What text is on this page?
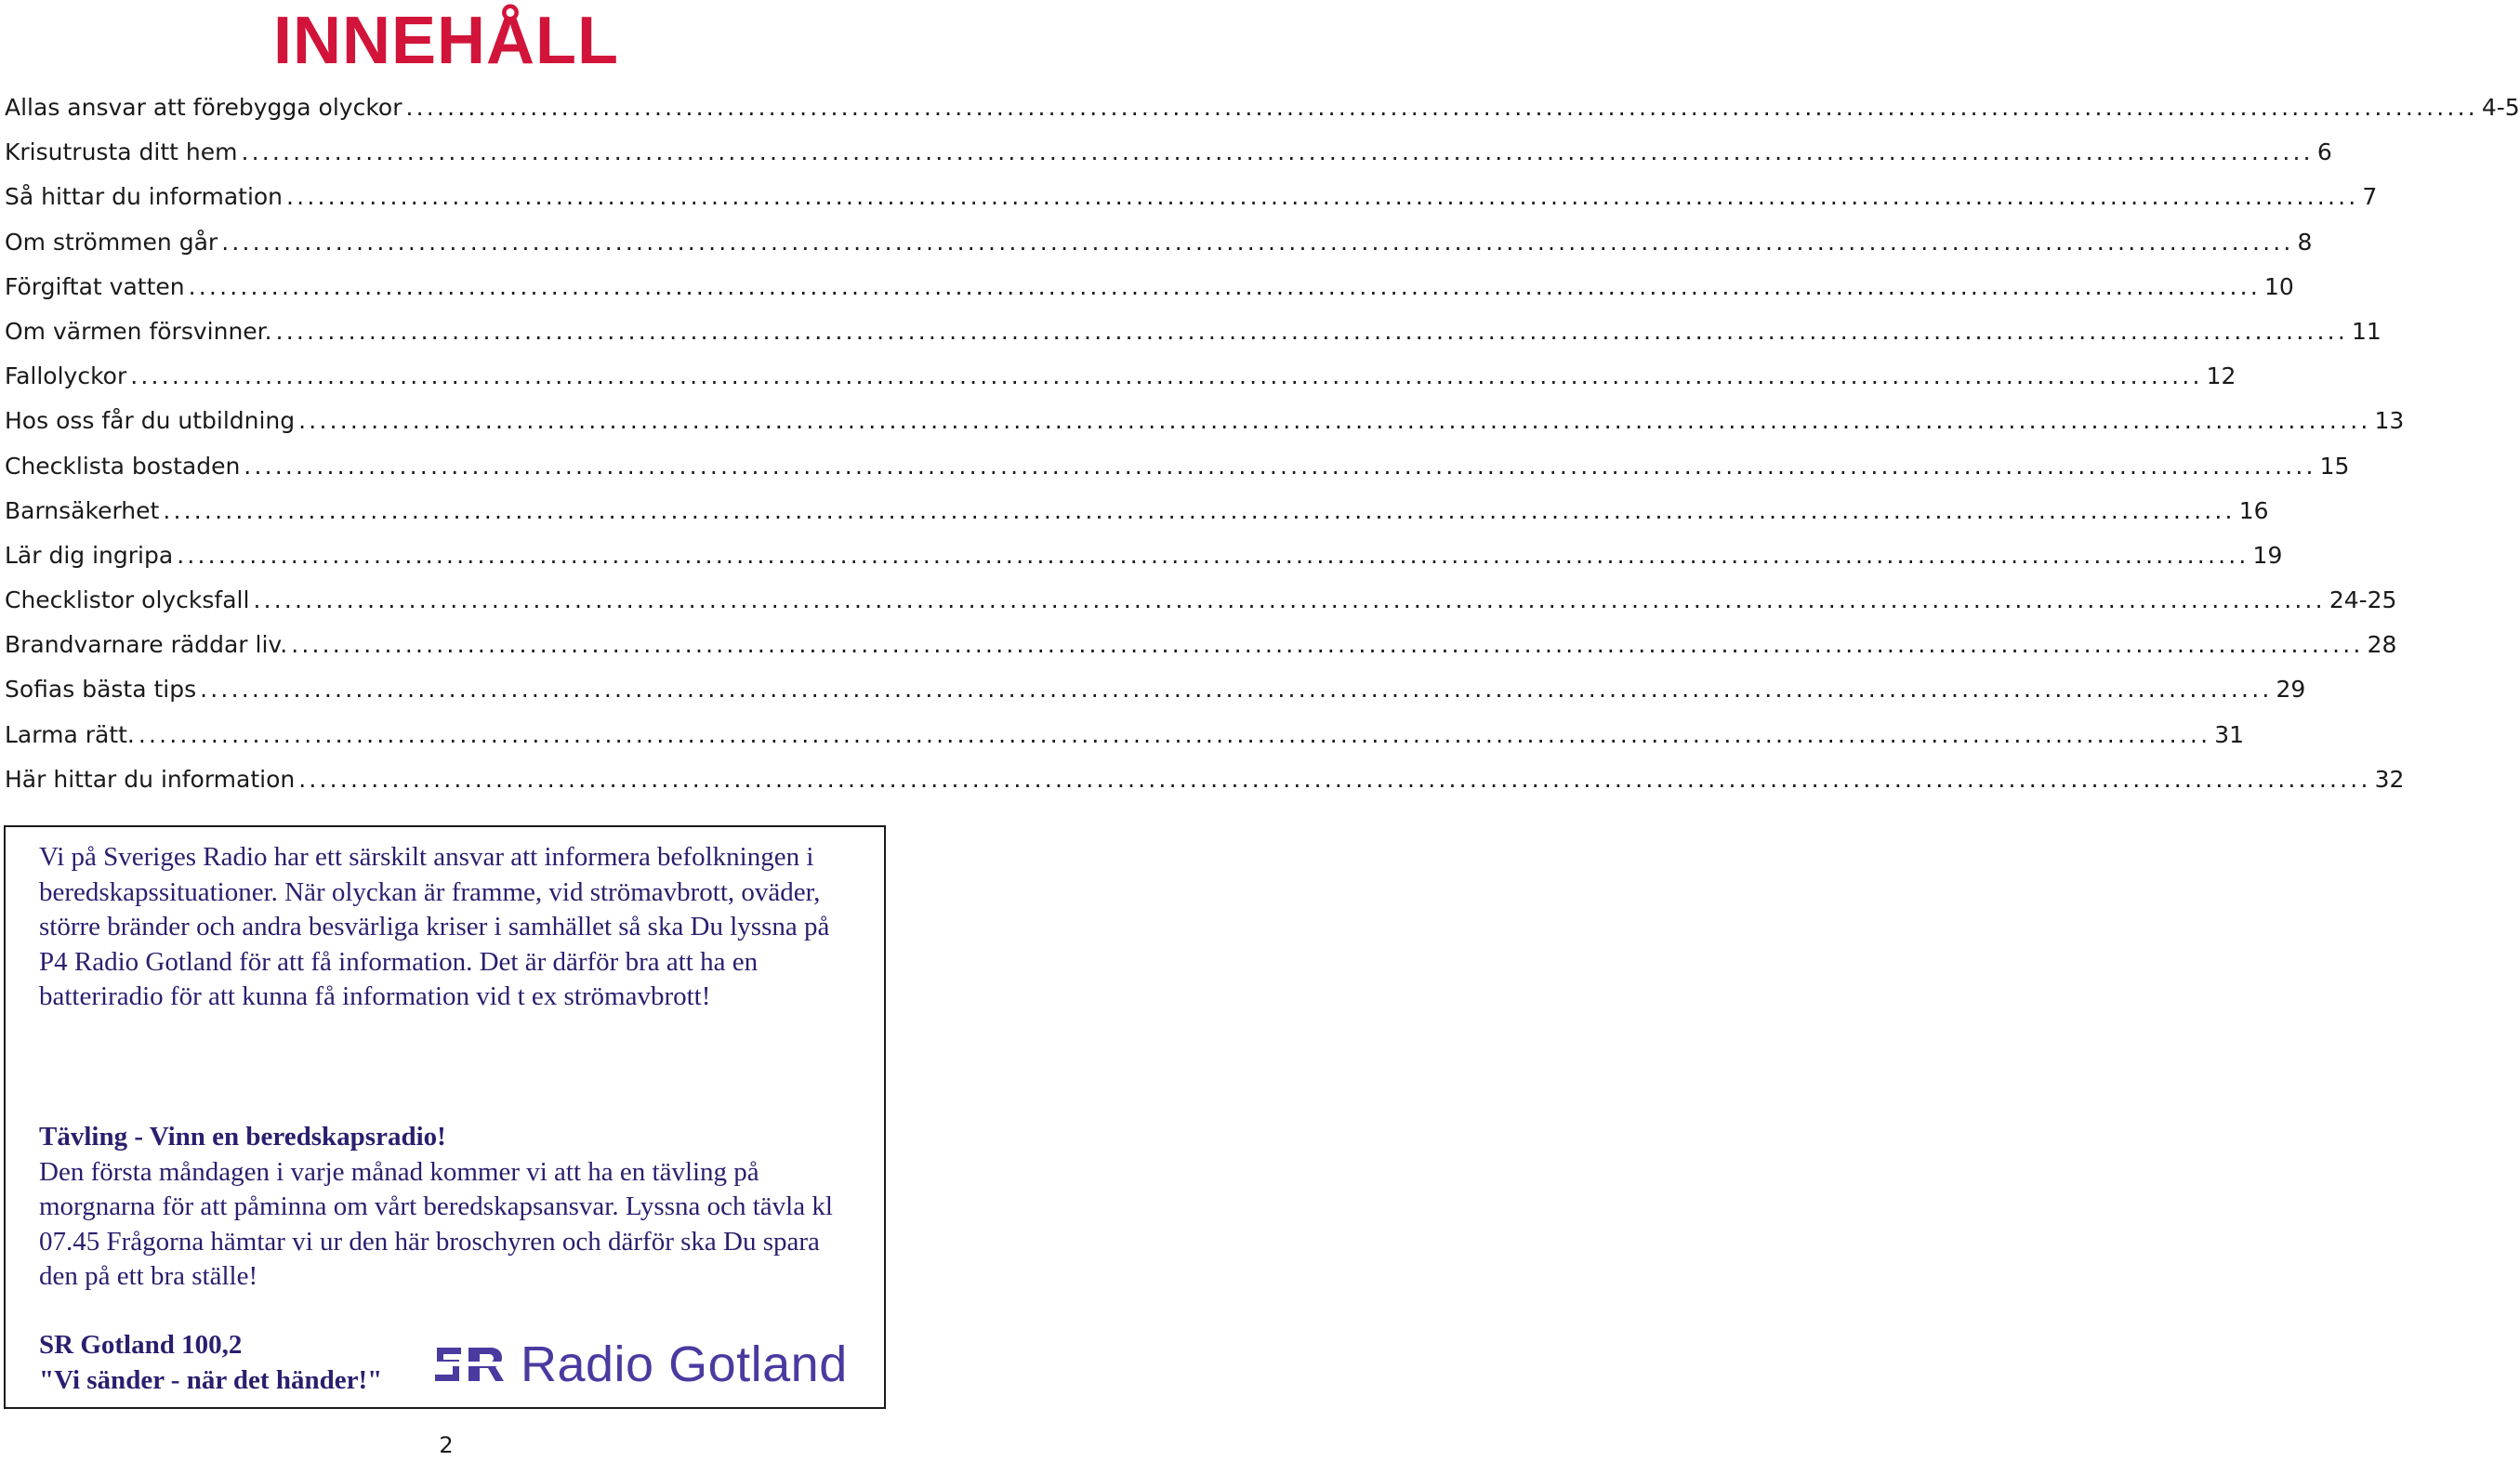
INNEHÅLL
Allas ansvar att förebygga olyckor ........................................................................................................................................................................................................ 4-5
Krisutrusta ditt hem ........................................................................................................................................................................................................ 6
Så hittar du information ........................................................................................................................................................................................................ 7
Om strömmen går ........................................................................................................................................................................................................ 8
Förgiftat vatten ........................................................................................................................................................................................................ 10
Om värmen försvinner. ........................................................................................................................................................................................................ 11
Fallolyckor ........................................................................................................................................................................................................ 12
Hos oss får du utbildning ........................................................................................................................................................................................................ 13
Checklista bostaden ........................................................................................................................................................................................................ 15
Barnsäkerhet ........................................................................................................................................................................................................ 16
Lär dig ingripa ........................................................................................................................................................................................................ 19
Checklistor olycksfall ........................................................................................................................................................................................................ 24-25
Brandvarnare räddar liv. ........................................................................................................................................................................................................ 28
Sofias bästa tips ........................................................................................................................................................................................................ 29
Larma rätt. ........................................................................................................................................................................................................ 31
Här hittar du information ........................................................................................................................................................................................................ 32

Vi på Sveriges Radio har ett särskilt ansvar att informera befolkningen i beredskapssituationer. När olyckan är framme, vid strömavbrott, oväder, större bränder och andra besvärliga kriser i samhället så ska Du lyssna på P4 Radio Gotland för att få information. Det är därför bra att ha en batteriradio för att kunna få information vid t ex strömavbrott!

Tävling - Vinn en beredskapsradio!
Den första måndagen i varje månad kommer vi att ha en tävling på morgnarna för att påminna om vårt beredskapsansvar. Lyssna och tävla kl 07.45 Frågorna hämtar vi ur den här broschyren och därför ska Du spara den på ett bra ställe!

SR Gotland 100,2
"Vi sänder - när det händer!"	Radio Gotland
2
